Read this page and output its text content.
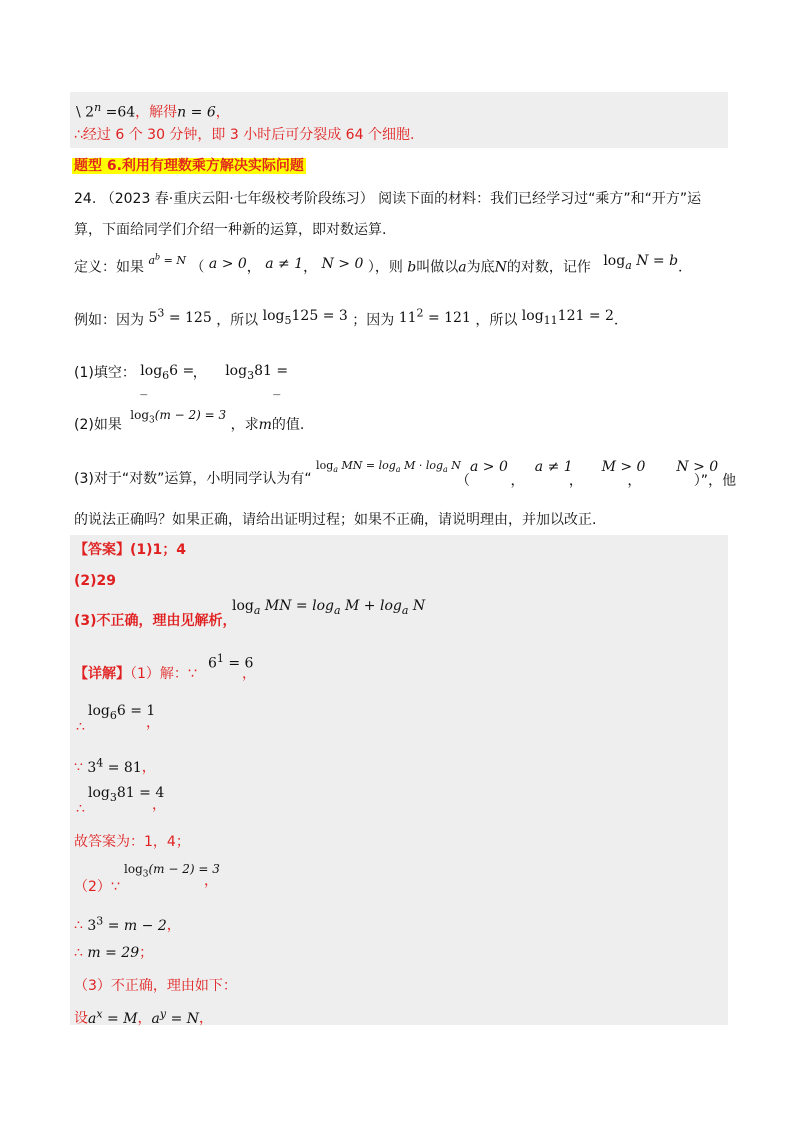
\ $2^n =64$，解得n = 6，
∴经过 6 个 30 分钟，即 3 小时后可分裂成 64 个细胞.
题型 6.利用有理数乘方解决实际问题
24. （2023 春·重庆云阳·七年级校考阶段练习） 阅读下面的材料：我们已经学习过“乘方”和“开方”运
算，下面给同学们介绍一种新的运算，即对数运算.
定义：如果 $^{a^b = N}$ （ a > 0， a ≠ 1， N > 0 ），则 b叫做以a为底N的对数，记作 $\log_a N = b$.
例如：因为 $5^3 = 125$ ，所以 $\log_5125 = 3$ ；因为 $11^2 = 121$ ，所以 $\log_{11}121 = 2$.
(1)填空： $\log_66$ =
_
， $\log_381$ =
_
(2)如果 $\log_3(m - 2) = 3$ ，求m的值.
(3)对于“对数”运算，小明同学认为有“ $^{log_a MN = log_a M \cdot log_a N}$ a > 0 a ≠ 1 M > 0 N > 0
（	，	，	，	）”，他
的说法正确吗？如果正确，请给出证明过程；如果不正确，请说明理由，并加以改正.
【答案】(1)1；4
(2)29
(3)不正确，理由见解析，
$\log_a$ MN = $\log_a M + \log_a N$
【详解】（1）解：∵
$6^1 = 6$
，
∴
$\log_66 = 1$
，
∵ $3^4 = 81$，
∴
$\log_381 = 4$
，
故答案为：1，4；
（2）∵
$\log_3(m - 2) = 3$
，
∴ $3^3 = m - 2$，
∴ m = 29；
（3）不正确，理由如下：
设$a^x = M$，$a^y = N$，
